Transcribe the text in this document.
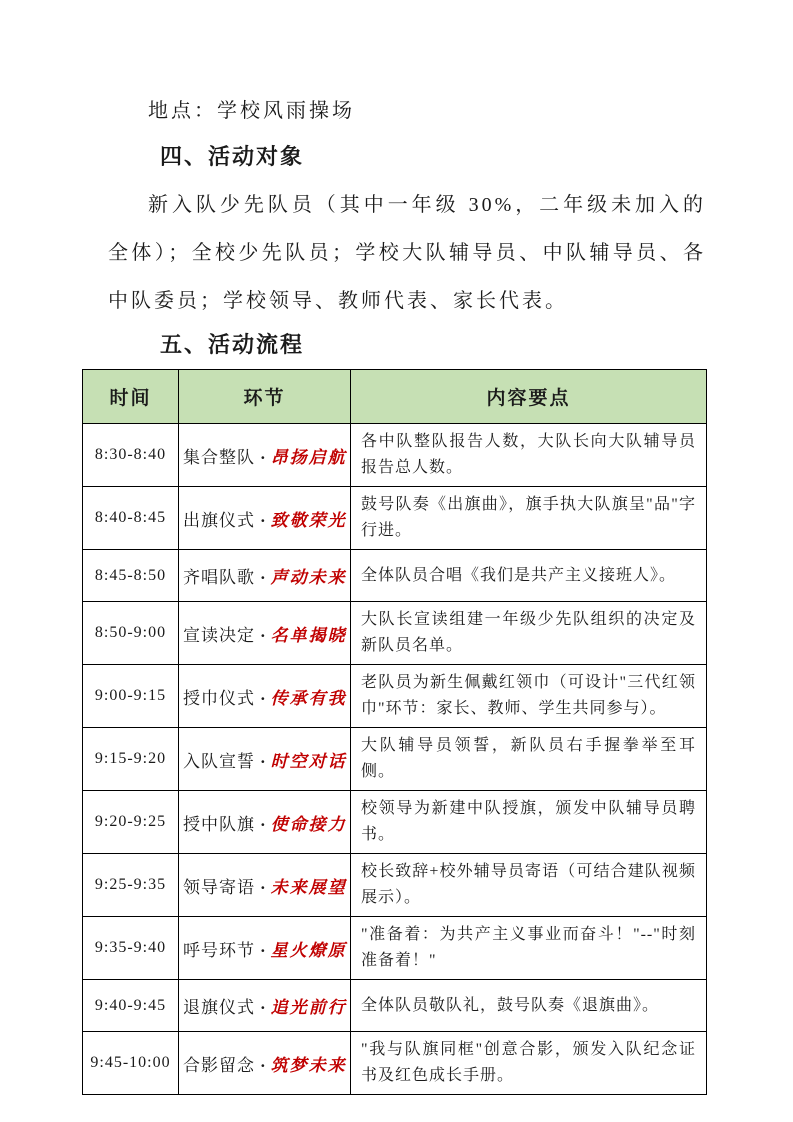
地点：学校风雨操场

四、活动对象

新入队少先队员（其中一年级 30%，二年级未加入的全体）；全校少先队员；学校大队辅导员、中队辅导员、各中队委员；学校领导、教师代表、家长代表。

五、活动流程
时间	环节	内容要点
8:30-8:40	集合整队 · 昂扬启航	各中队整队报告人数，大队长向大队辅导员报告总人数。
8:40-8:45	出旗仪式 · 致敬荣光	鼓号队奏《出旗曲》，旗手执大队旗呈"品"字行进。
8:45-8:50	齐唱队歌 · 声动未来	全体队员合唱《我们是共产主义接班人》。
8:50-9:00	宣读决定 · 名单揭晓	大队长宣读组建一年级少先队组织的决定及新队员名单。
9:00-9:15	授巾仪式 · 传承有我	老队员为新生佩戴红领巾（可设计"三代红领巾"环节：家长、教师、学生共同参与）。
9:15-9:20	入队宣誓 · 时空对话	大队辅导员领誓，新队员右手握拳举至耳侧。
9:20-9:25	授中队旗 · 使命接力	校领导为新建中队授旗，颁发中队辅导员聘书。
9:25-9:35	领导寄语 · 未来展望	校长致辞+校外辅导员寄语（可结合建队视频展示）。
9:35-9:40	呼号环节 · 星火燎原	"准备着：为共产主义事业而奋斗！"--"时刻准备着！"
9:40-9:45	退旗仪式 · 追光前行	全体队员敬队礼，鼓号队奏《退旗曲》。
9:45-10:00	合影留念 · 筑梦未来	"我与队旗同框"创意合影，颁发入队纪念证书及红色成长手册。
